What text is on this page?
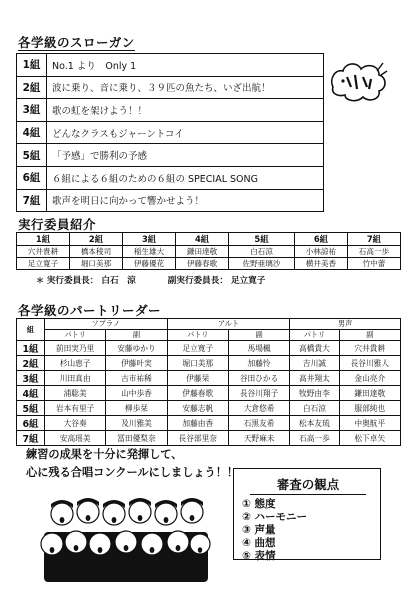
各学級のスローガン
1組	No.1 より　Only 1
2組	波に乗り、音に乗り、３９匹の魚たち、いざ出航！
3組	歌の虹を架けよう！！
4組	どんなクラスもジャーントコイ
5組	「予感」で勝利の予感
6組	６組による６組のための６組の SPECIAL SONG
7組	歌声を明日に向かって響かせよう！
実行委員紹介
1組	2組	3組	4組	5組	6組	7組
穴井貴耕	橋本稜司	稲生雄大	鎌田達敬	白石涼	小林諒祐	石高一歩
足立寛子	堀口美那	伊藤優花	伊藤春歌	佐野亜璃沙	横井美香	竹中蕾
＊ 実行委員長： 白石　涼	副実行委員長： 足立寛子
各学級のパートリーダー
組	ソプラノ		アルト		男声	
	パトリ	副	パトリ	副	パトリ	副
1組	前田実乃里	安藤ゆかり	足立寛子	馬場楓	高橋貴大	穴井貴耕
2組	杉山恵子	伊藤叶実	堀口美那	加藤怜	吉川誠	長谷川雅人
3組	川田真由	古市祐稀	伊藤栞	谷田ひかる	高井翔太	金山亮介
4組	浦聡美	山中歩香	伊藤春歌	長谷川翔子	牧野由李	鎌田達敬
5組	岩本有里子	柳歩栞	安藤志帆	大倉悠希	白石涼	服部純也
6組	大谷奏	及川雅美	加藤由香	石黒友希	松本友琉	中奥航平
7組	安高瑶美	冨田優梨奈	長谷部里奈	天野麻未	石高一歩	松下卓矢
練習の成果を十分に発揮して、
心に残る合唱コンクールにしましょう！！
審査の観点
① 態度
② ハーモニー
③ 声量
④ 曲想
⑤ 表情
